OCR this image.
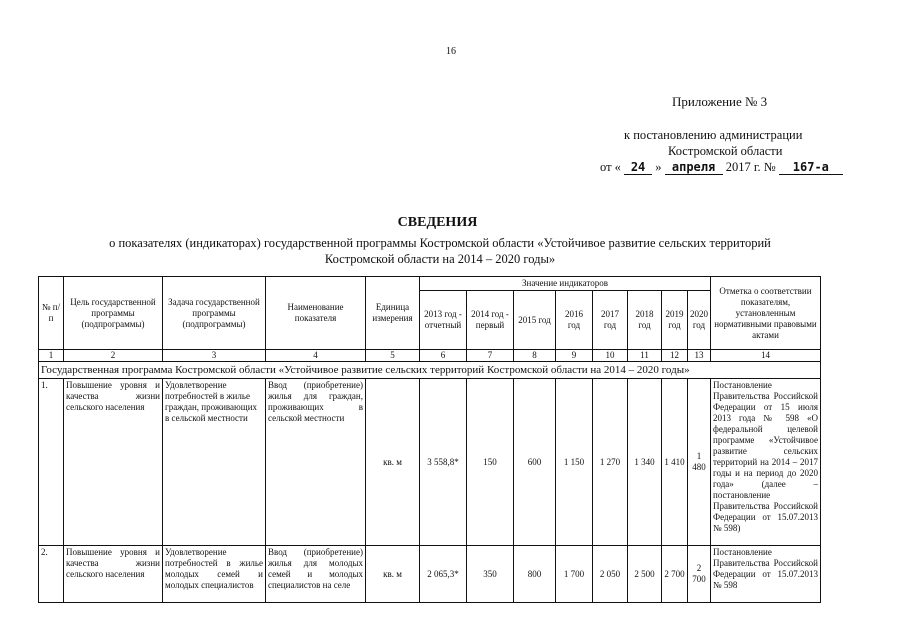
16
Приложение № 3
к постановлению администрации
Костромской области
от « 24 » апреля 2017 г. № 167-а
СВЕДЕНИЯ
о показателях (индикаторах) государственной программы Костромской области «Устойчивое развитие сельских территорий
Костромской области на 2014 – 2020 годы»
№ п/п	Цель государственной программы (подпрограммы)	Задача государственной программы (подпрограммы)	Наименование показателя	Единица измерения	Значение индикаторов								Отметка о соответствии показателям, установленным нормативными правовыми актами
					2013 год - отчетный	2014 год - первый	2015 год	2016 год	2017 год	2018 год	2019 год	2020 год	
1	2	3	4	5	6	7	8	9	10	11	12	13	14
Государственная программа Костромской области «Устойчивое развитие сельских территорий Костромской области на 2014 – 2020 годы»													
1.	Повышение уровня и качества жизни сельского населения	Удовлетворение потребностей в жилье граждан, проживающих в сельской местности	Ввод (приобретение) жилья для граждан, проживающих в сельской местности	кв. м	3 558,8*	150	600	1 150	1 270	1 340	1 410	1 480	Постановление Правительства Российской Федерации от 15 июля 2013 года № 598 «О федеральной целевой программе «Устойчивое развитие сельских территорий на 2014 – 2017 годы и на период до 2020 года» (далее – постановление Правительства Российской Федерации от 15.07.2013 № 598)
2.	Повышение уровня и качества жизни сельского населения	Удовлетворение потребностей в жилье молодых семей и молодых специалистов	Ввод (приобретение) жилья для молодых семей и молодых специалистов на селе	кв. м	2 065,3*	350	800	1 700	2 050	2 500	2 700	2 700	Постановление Правительства Российской Федерации от 15.07.2013 № 598
